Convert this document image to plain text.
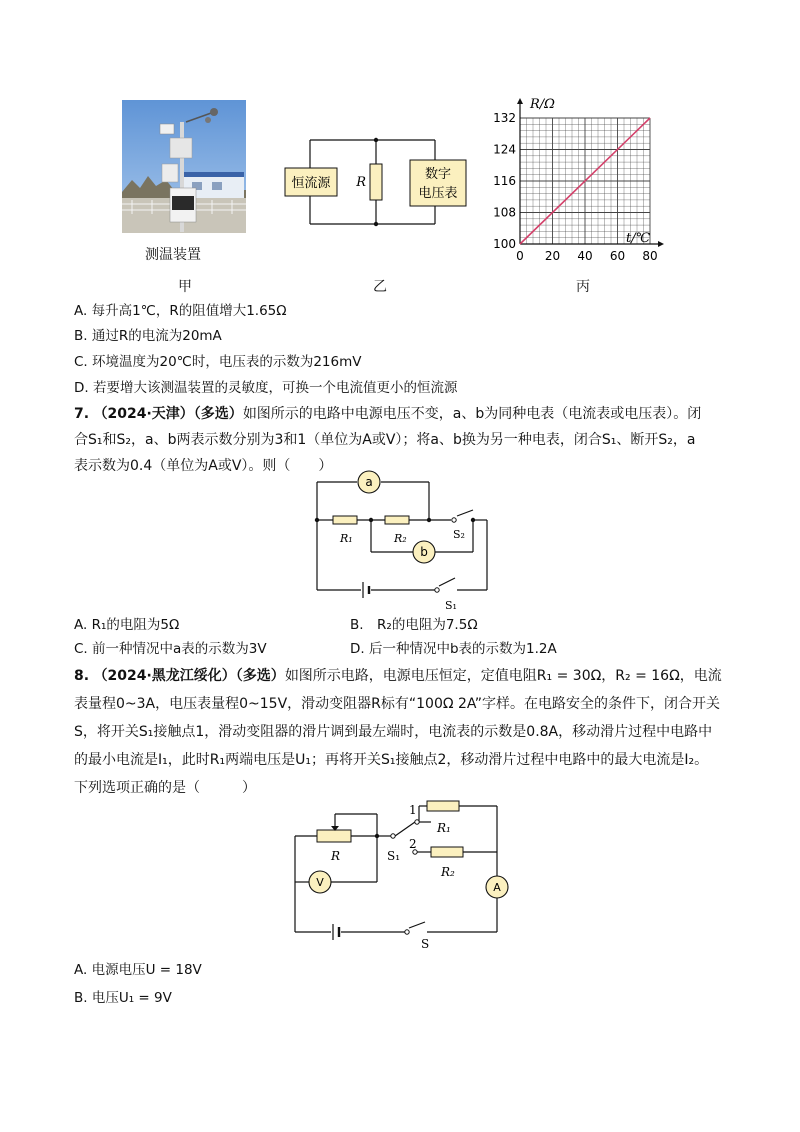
测温装置
甲
恒流源 R
数字
电压表
乙
0 20 40 60 80
100
108
116
124
132
R/Ω
t/℃
丙
A. 每升高1℃，R的阻值增大1.65Ω
B. 通过R的电流为20mA
C. 环境温度为20℃时，电压表的示数为216mV
D. 若要增大该测温装置的灵敏度，可换一个电流值更小的恒流源
7. （2024·天津）（多选）如图所示的电路中电源电压不变，a、b为同种电表（电流表或电压表）。闭
合S₁和S₂，a、b两表示数分别为3和1（单位为A或V）；将a、b换为另一种电表，闭合S₁、断开S₂，a
表示数为0.4（单位为A或V）。则（　　）
a
R₁	R₂	S₂
b
S₁
A. R₁的电阻为5Ω	B.　R₂的电阻为7.5Ω
C. 前一种情况中a表的示数为3V	D. 后一种情况中b表的示数为1.2A
8. （2024·黑龙江绥化）（多选）如图所示电路，电源电压恒定，定值电阻R₁ = 30Ω，R₂ = 16Ω，电流
表量程0~3A，电压表量程0~15V，滑动变阻器R标有“100Ω 2A”字样。在电路安全的条件下，闭合开关
S，将开关S₁接触点1，滑动变阻器的滑片调到最左端时，电流表的示数是0.8A，移动滑片过程中电路中
的最小电流是I₁，此时R₁两端电压是U₁；再将开关S₁接触点2，移动滑片过程中电路中的最大电流是I₂。
下列选项正确的是（　　　）
R
V
1
2
S₁
R₁
R₂
A
S
A. 电源电压U = 18V
B. 电压U₁ = 9V
